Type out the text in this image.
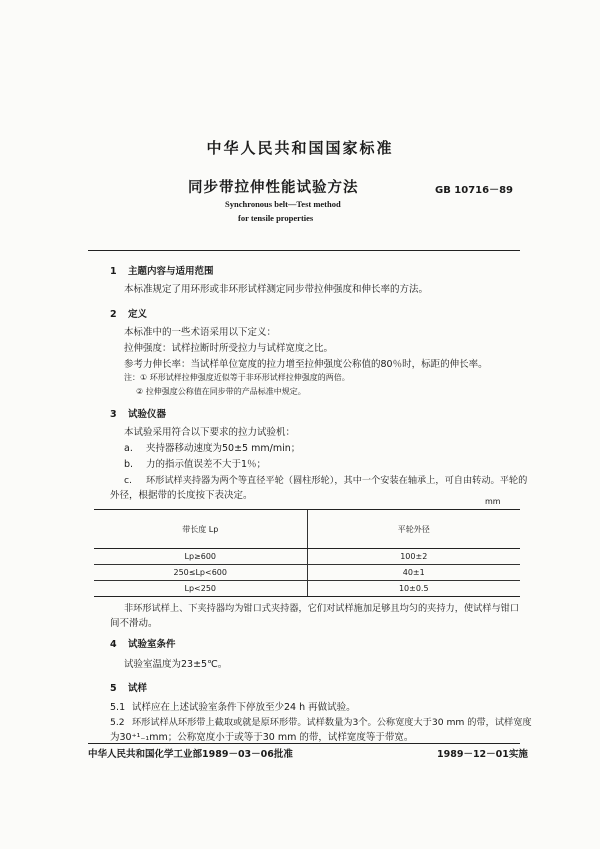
中华人民共和国国家标准
同步带拉伸性能试验方法	GB 10716－89
Synchronous belt—Test method
for tensile properties
1 主题内容与适用范围
本标准规定了用环形或非环形试样测定同步带拉伸强度和伸长率的方法。
2 定义
本标准中的一些术语采用以下定义：
拉伸强度：试样拉断时所受拉力与试样宽度之比。
参考力伸长率：当试样单位宽度的拉力增至拉伸强度公称值的80％时，标距的伸长率。
注：① 环形试样拉伸强度近似等于非环形试样拉伸强度的两倍。
② 拉伸强度公称值在同步带的产品标准中规定。
3 试验仪器
本试验采用符合以下要求的拉力试验机：
a. 夹持器移动速度为50±5 mm/min；
b. 力的指示值误差不大于1％；
c. 环形试样夹持器为两个等直径平轮（圆柱形轮），其中一个安装在轴承上，可自由转动。平轮的
外径，根据带的长度按下表决定。
mm
带长度 Lp	平轮外径
Lp≥600	100±2
250≤Lp<600	40±1
Lp<250	10±0.5
非环形试样上、下夹持器均为钳口式夹持器，它们对试样施加足够且均匀的夹持力，使试样与钳口
间不滑动。
4 试验室条件
试验室温度为23±5℃。
5 试样
5.1 试样应在上述试验室条件下停放至少24 h 再做试验。
5.2 环形试样从环形带上截取或就是原环形带。试样数量为3个。公称宽度大于30 mm 的带，试样宽度
为30⁺¹₋₁mm；公称宽度小于或等于30 mm 的带，试样宽度等于带宽。
中华人民共和国化学工业部1989－03－06批准	1989－12－01实施
